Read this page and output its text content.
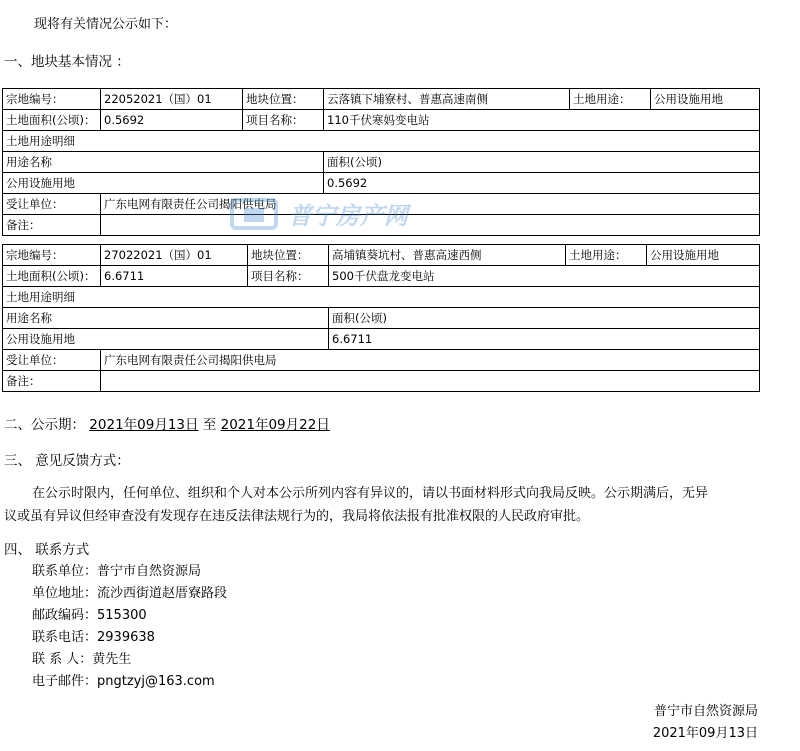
现将有关情况公示如下：
一、地块基本情况 ：
宗地编号：	22052021（国）01	地块位置：	云落镇下埔寮村、普惠高速南侧	土地用途：	公用设施用地
土地面积(公顷)：	0.5692	项目名称：	110千伏寒妈变电站		
土地用途明细					
用途名称			面积(公顷)		
公用设施用地			0.5692		
受让单位：	广东电网有限责任公司揭阳供电局				
备注：					
宗地编号：	27022021（国）01	地块位置：	高埔镇葵坑村、普惠高速西侧	土地用途：	公用设施用地
土地面积(公顷)：	6.6711	项目名称：	500千伏盘龙变电站		
土地用途明细					
用途名称			面积(公顷)		
公用设施用地			6.6711		
受让单位：	广东电网有限责任公司揭阳供电局				
备注：					
普宁房产网
二、公示期： 2021年09月13日 至 2021年09月22日
三、 意见反馈方式：
在公示时限内，任何单位、组织和个人对本公示所列内容有异议的，请以书面材料形式向我局反映。公示期满后，无异
议或虽有异议但经审查没有发现存在违反法律法规行为的，我局将依法报有批准权限的人民政府审批。
四、 联系方式
联系单位：普宁市自然资源局
单位地址：流沙西街道赵厝寮路段
邮政编码：515300
联系电话：2939638
联 系 人：黄先生
电子邮件：pngtzyj@163.com
普宁市自然资源局
2021年09月13日
